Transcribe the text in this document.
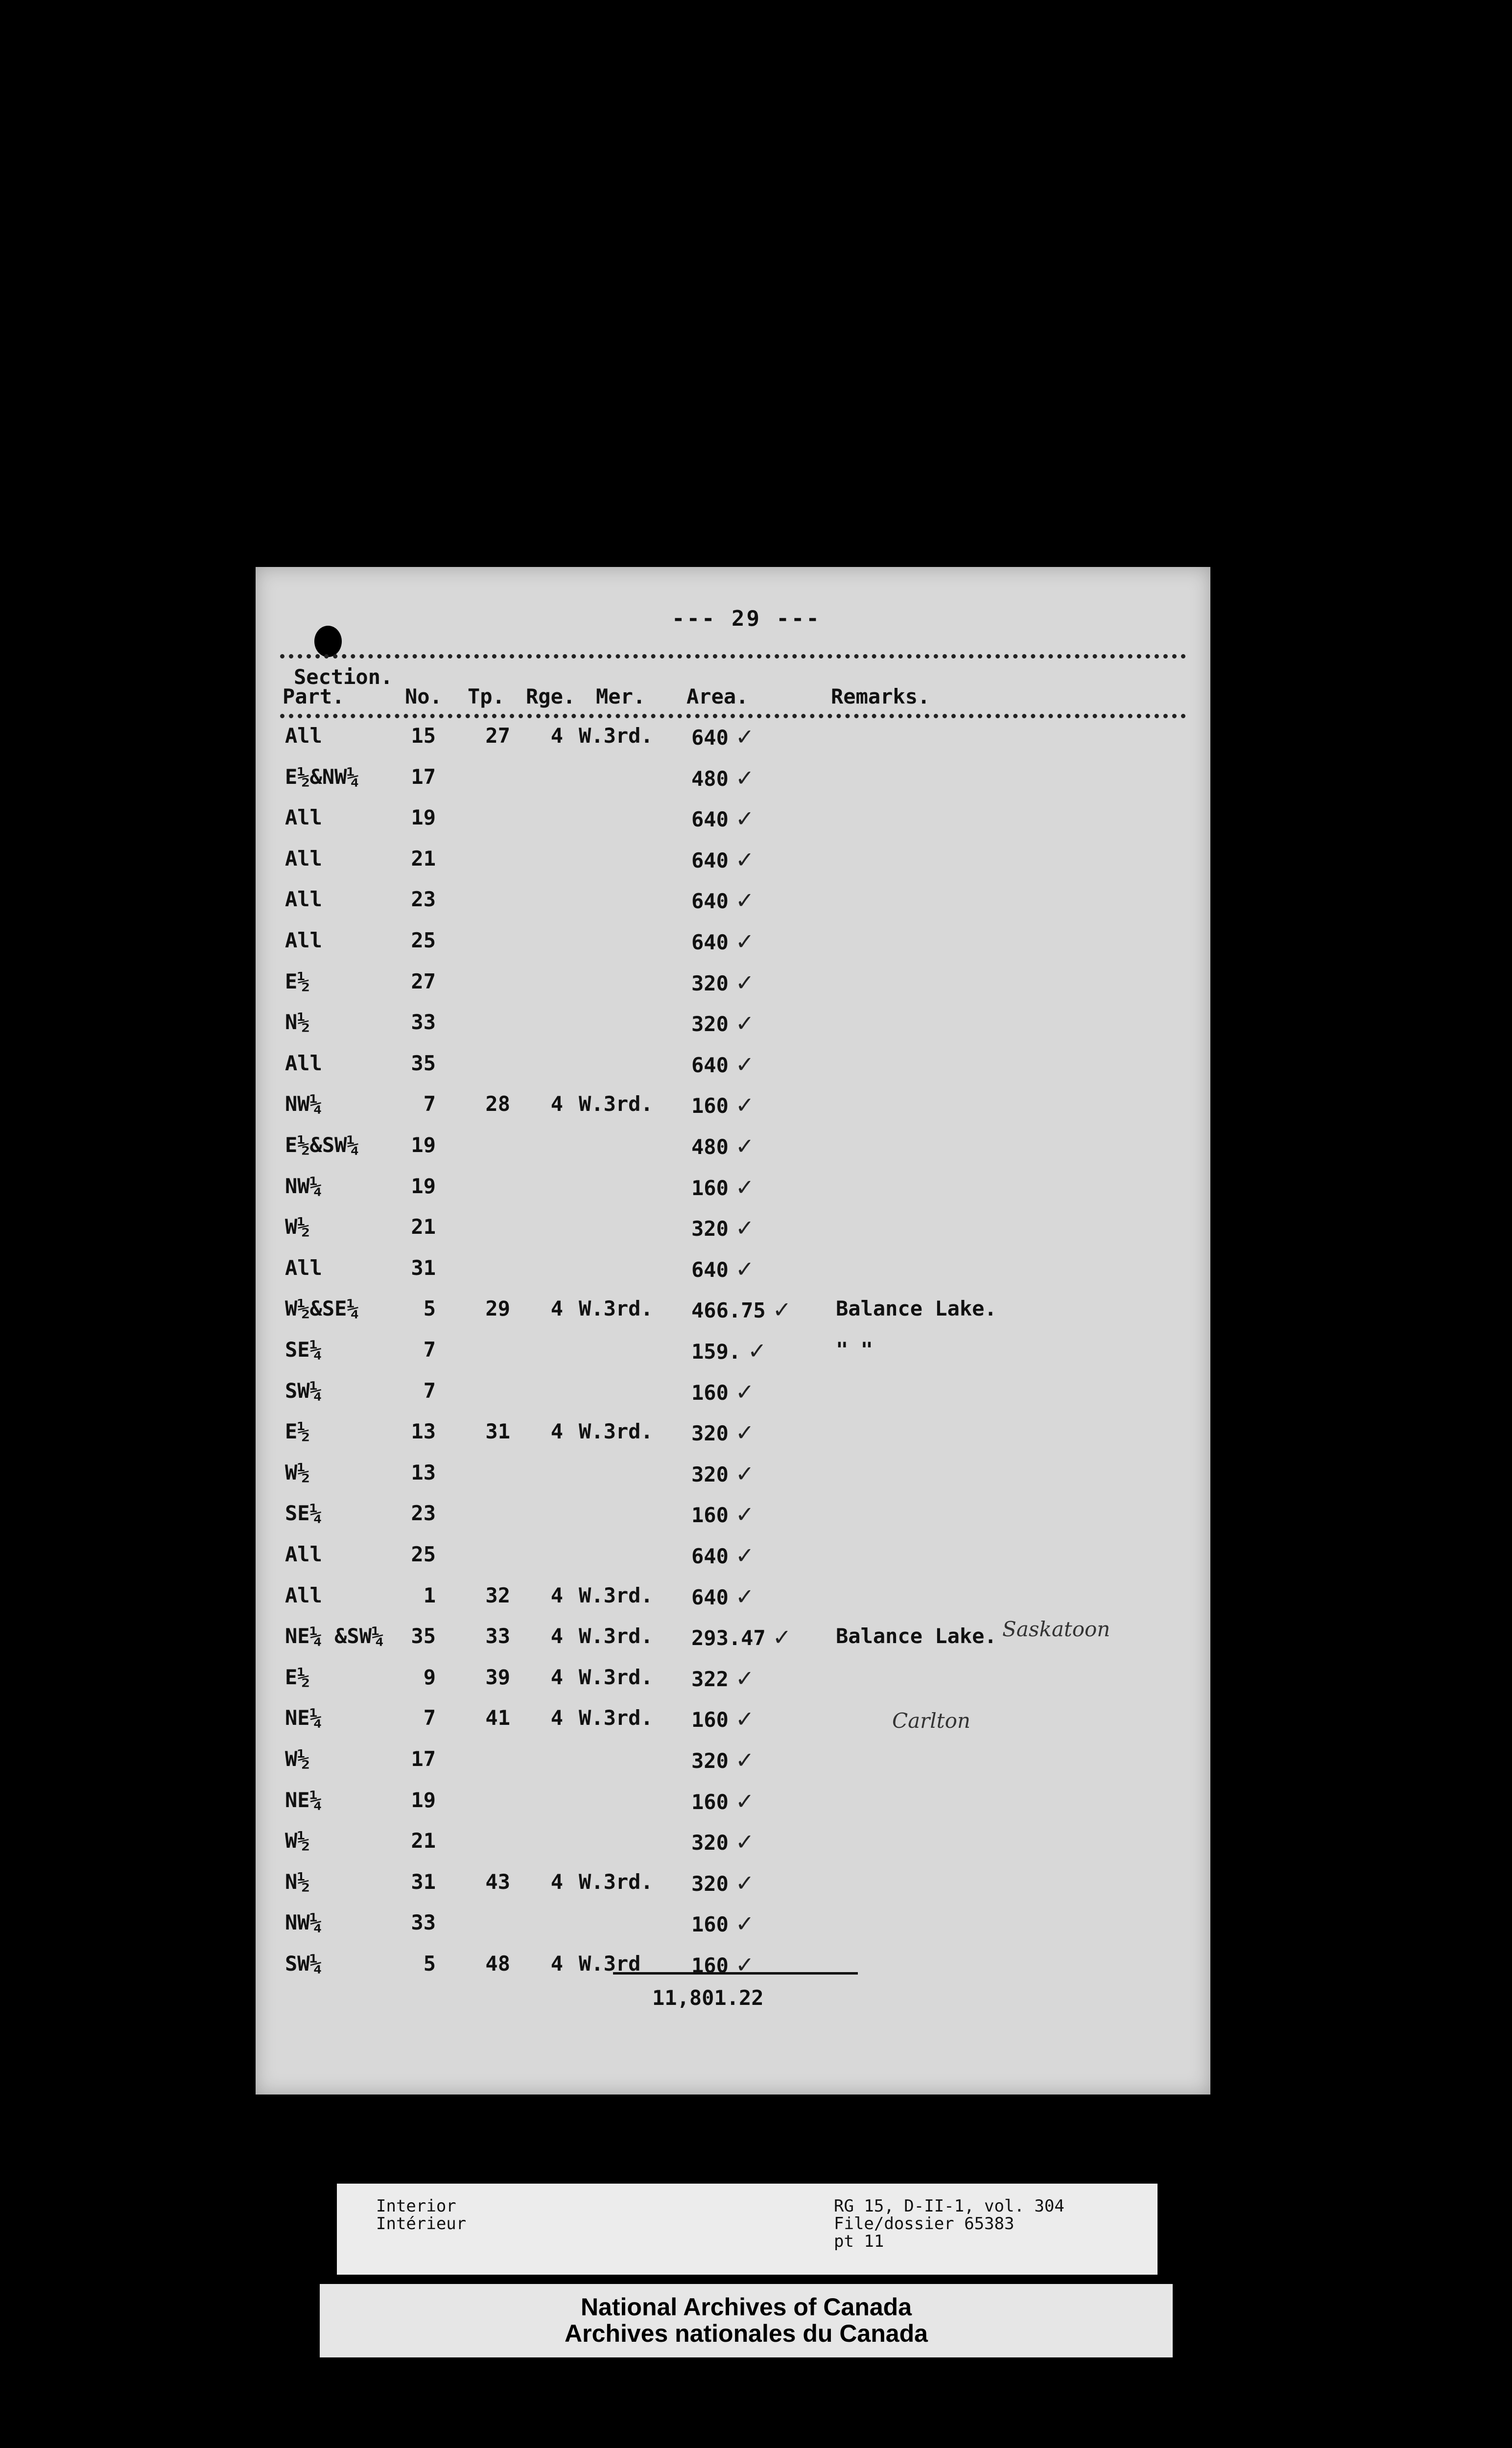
--- 29 ---
Section.
Part.	No. Tp. Rge. Mer. Area.	Remarks.
All	15	27	4 W.3rd. 640 ✓
E½&NW¼	17	480 ✓
All	19	640 ✓
All	21	640 ✓
All	23	640 ✓
All	25	640 ✓
E½	27	320 ✓
N½	33	320 ✓
All	35	640 ✓
NW¼	7	28	4 W.3rd. 160 ✓
E½&SW¼	19	480 ✓
NW¼	19	160 ✓
W½	21	320 ✓
All	31	640 ✓
W½&SE¼	5	29	4 W.3rd. 466.75 ✓ Balance Lake.
SE¼	7	159. ✓	" "
SW¼	7	160 ✓
E½	13	31	4 W.3rd. 320 ✓
W½	13	320 ✓
SE¼	23	160 ✓
All	25	640 ✓
All	1	32	4 W.3rd. 640 ✓
NE¼ &SW¼	35	33	4 W.3rd. 293.47 ✓ Balance Lake. Saskatoon
E½	9	39	4 W.3rd. 322 ✓
NE¼	7	41	4 W.3rd. 160 ✓	Carlton
W½	17	320 ✓
NE¼	19	160 ✓
W½	21	320 ✓
N½	31	43	4 W.3rd. 320 ✓
NW¼	33	160 ✓
SW¼	5	48	4 W.3rd 160 ✓
11,801.22
Interior
Intérieur
RG 15, D-II-1, vol. 304
File/dossier 65383
pt 11
National Archives of Canada
Archives nationales du Canada
